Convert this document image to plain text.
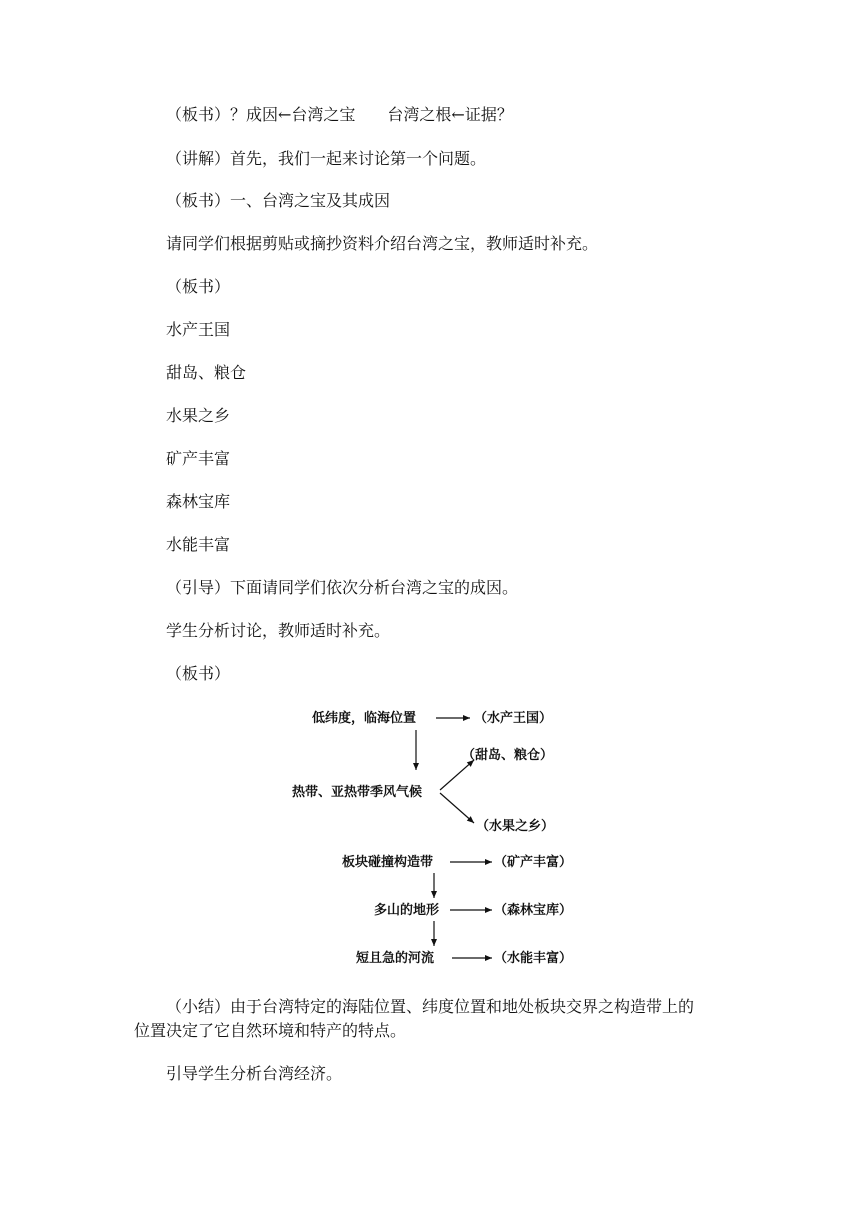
（板书）？成因←台湾之宝　　台湾之根←证据？
（讲解）首先，我们一起来讨论第一个问题。
（板书）一、台湾之宝及其成因
请同学们根据剪贴或摘抄资料介绍台湾之宝，教师适时补充。
（板书）
水产王国
甜岛、粮仓
水果之乡
矿产丰富
森林宝库
水能丰富
（引导）下面请同学们依次分析台湾之宝的成因。
学生分析讨论，教师适时补充。
（板书）
低纬度，临海位置	（水产王国）
（甜岛、粮仓）
热带、亚热带季风气候
（水果之乡）
板块碰撞构造带	（矿产丰富）
多山的地形	（森林宝库）
短且急的河流	（水能丰富）
（小结）由于台湾特定的海陆位置、纬度位置和地处板块交界之构造带上的
位置决定了它自然环境和特产的特点。
引导学生分析台湾经济。
